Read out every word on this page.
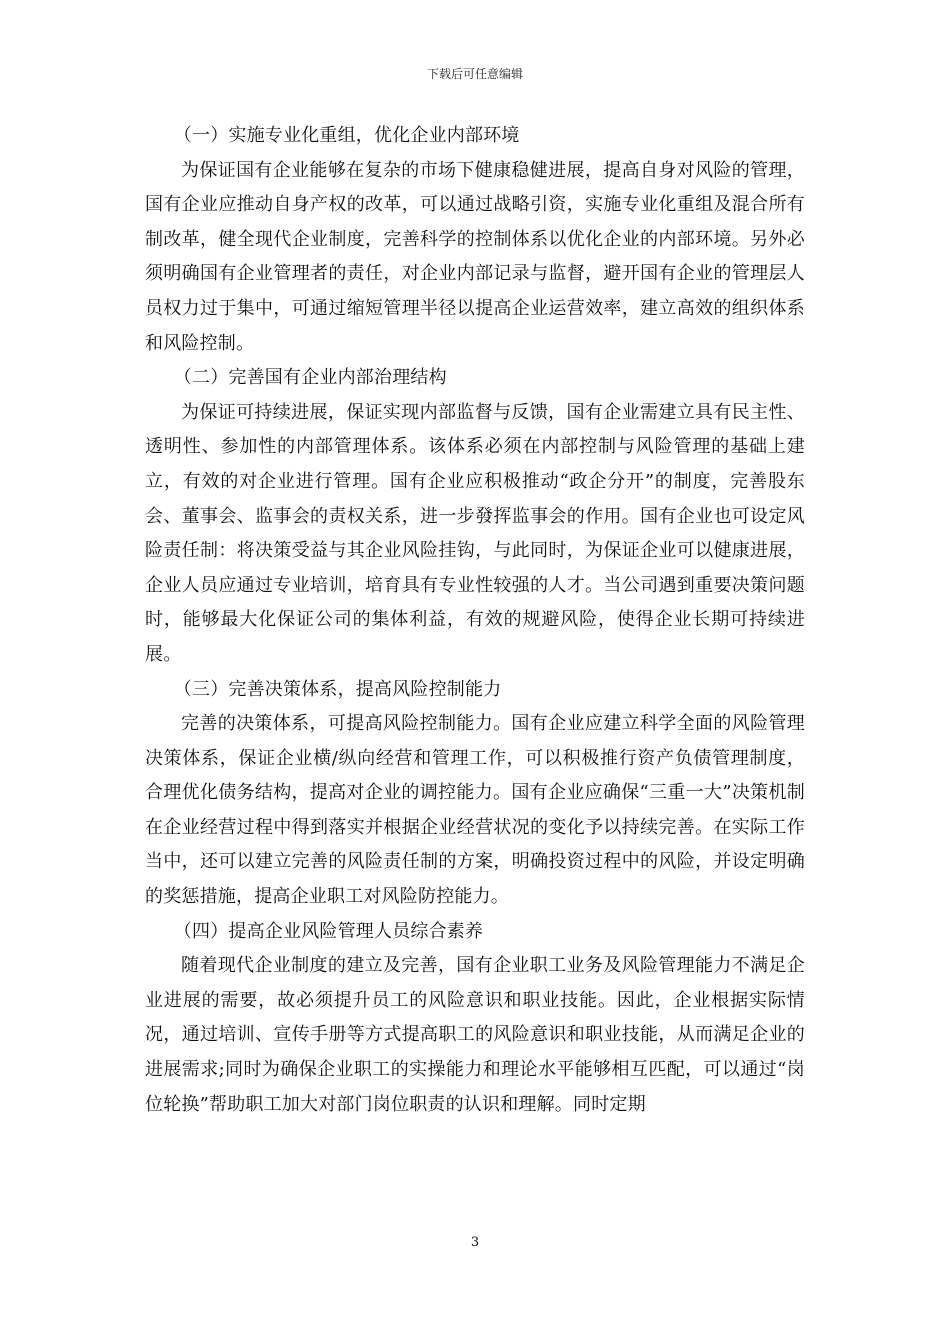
下载后可任意编辑

（一）实施专业化重组，优化企业内部环境

为保证国有企业能够在复杂的市场下健康稳健进展，提高自身对风险的管理，国有企业应推动自身产权的改革，可以通过战略引资，实施专业化重组及混合所有制改革，健全现代企业制度，完善科学的控制体系以优化企业的内部环境。另外必须明确国有企业管理者的责任，对企业内部记录与监督，避开国有企业的管理层人员权力过于集中，可通过缩短管理半径以提高企业运营效率，建立高效的组织体系和风险控制。

（二）完善国有企业内部治理结构

为保证可持续进展，保证实现内部监督与反馈，国有企业需建立具有民主性、透明性、参加性的内部管理体系。该体系必须在内部控制与风险管理的基础上建立，有效的对企业进行管理。国有企业应积极推动“政企分开”的制度，完善股东会、董事会、监事会的责权关系，进一步發挥监事会的作用。国有企业也可设定风险责任制：将决策受益与其企业风险挂钩，与此同时，为保证企业可以健康进展，企业人员应通过专业培训，培育具有专业性较强的人才。当公司遇到重要决策问题时，能够最大化保证公司的集体利益，有效的规避风险，使得企业长期可持续进展。

（三）完善决策体系，提高风险控制能力

完善的决策体系，可提高风险控制能力。国有企业应建立科学全面的风险管理决策体系，保证企业横/纵向经营和管理工作，可以积极推行资产负债管理制度，合理优化债务结构，提高对企业的调控能力。国有企业应确保“三重一大”决策机制在企业经营过程中得到落实并根据企业经营状况的变化予以持续完善。在实际工作当中，还可以建立完善的风险责任制的方案，明确投资过程中的风险，并设定明确的奖惩措施，提高企业职工对风险防控能力。

（四）提高企业风险管理人员综合素养

随着现代企业制度的建立及完善，国有企业职工业务及风险管理能力不满足企业进展的需要，故必须提升员工的风险意识和职业技能。因此，企业根据实际情况，通过培训、宣传手册等方式提高职工的风险意识和职业技能，从而满足企业的进展需求;同时为确保企业职工的实操能力和理论水平能够相互匹配，可以通过“岗位轮换”帮助职工加大对部门岗位职责的认识和理解。同时定期

3
